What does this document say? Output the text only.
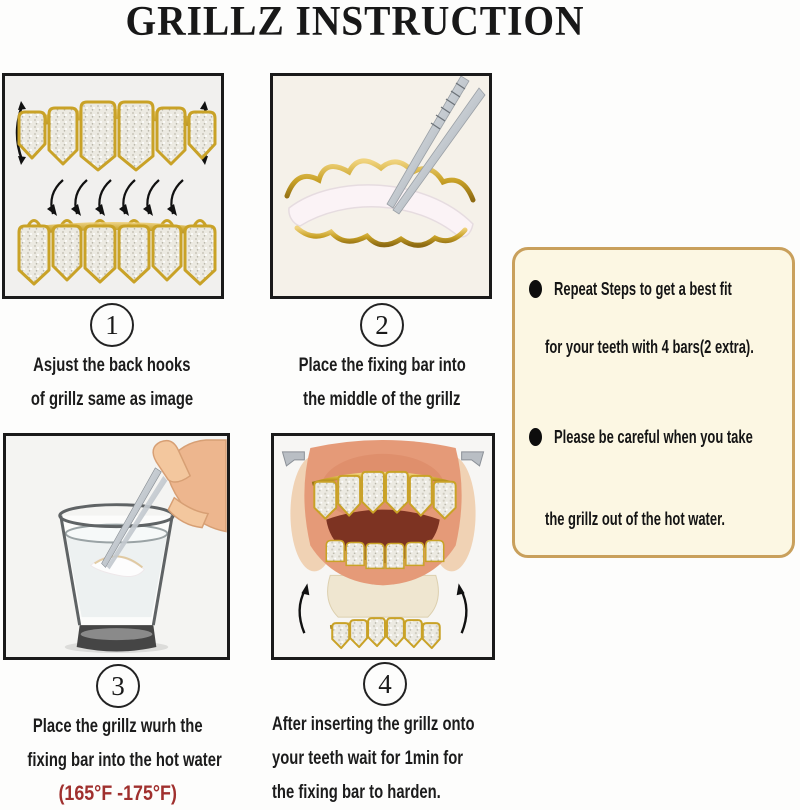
GRILLZ INSTRUCTION
Repeat Steps to get a best fit
for your teeth with 4 bars(2 extra).
Please be careful when you take
the grillz out of the hot water.
1
Asjust the back hooks
of grillz same as image
2
Place the fixing bar into
the middle of the grillz
3
Place the grillz wurh the
fixing bar into the hot water
(165°F -175°F)
4
After inserting the grillz onto
your teeth wait for 1min for
the fixing bar to harden.
